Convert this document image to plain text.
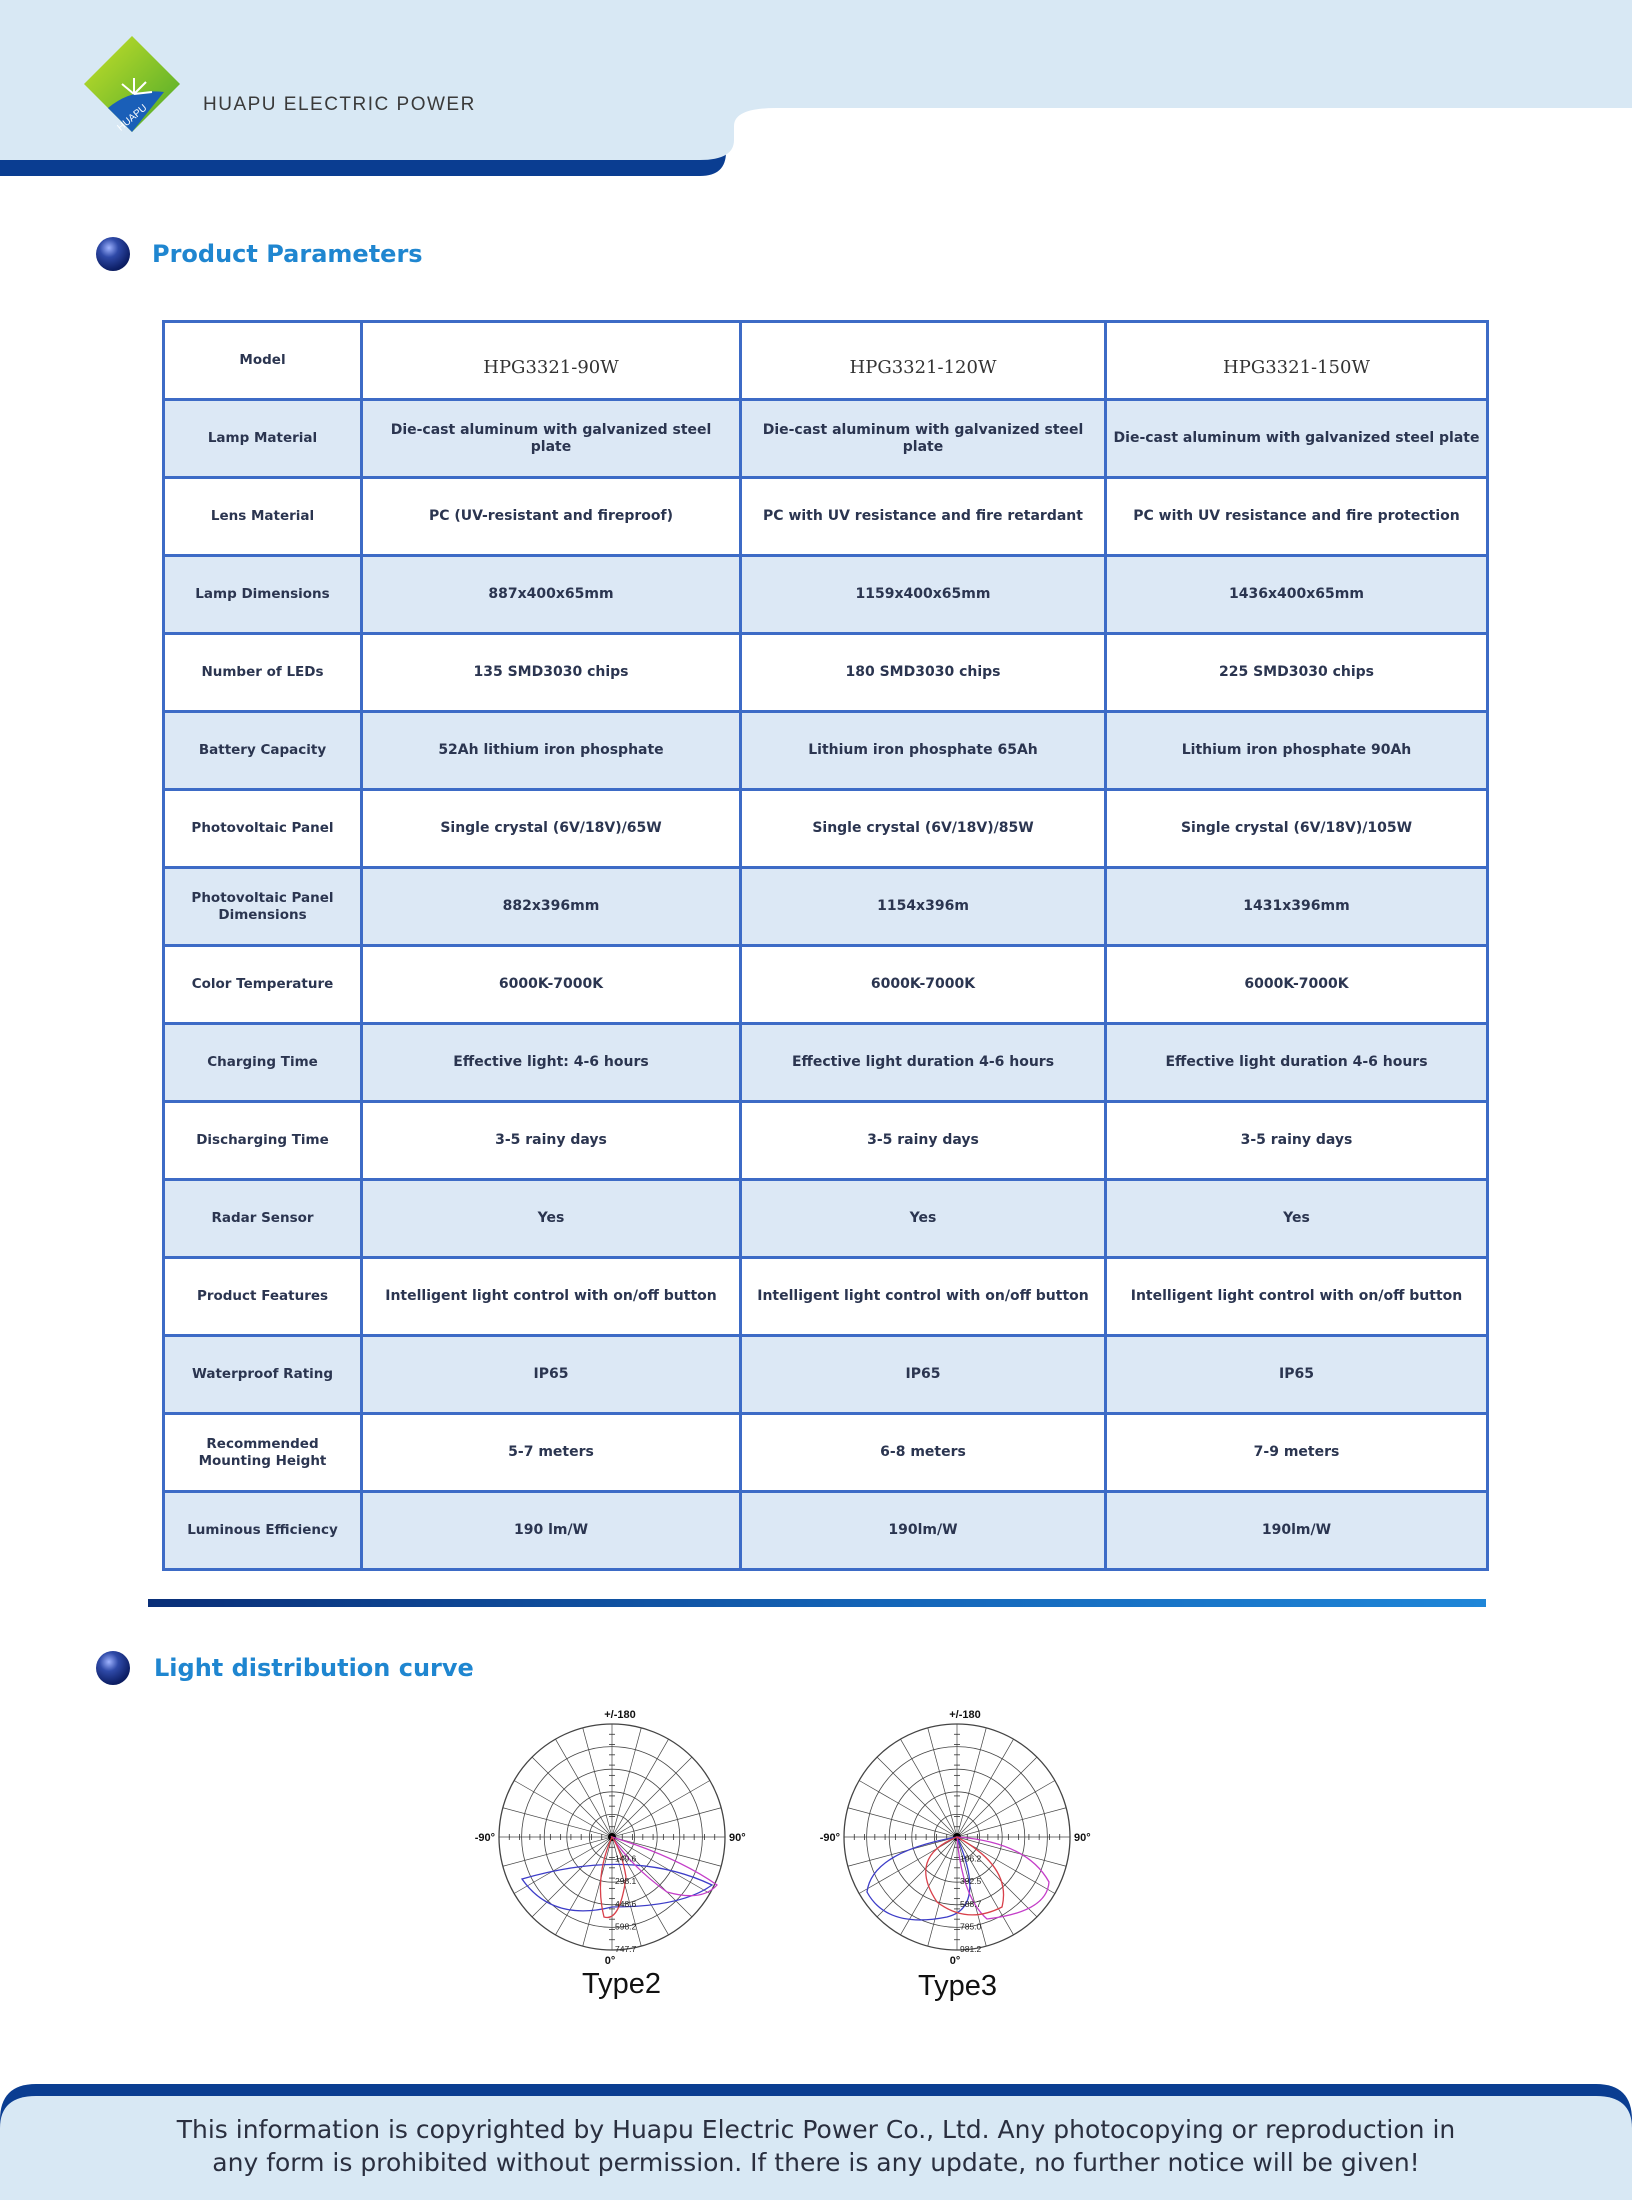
HUAPU	HUAPU ELECTRIC POWER
Product Parameters
Model	HPG3321-90W	HPG3321-120W	HPG3321-150W
Lamp Material	Die-cast aluminum with galvanized steel plate	Die-cast aluminum with galvanized steel plate	Die-cast aluminum with galvanized steel plate
Lens Material	PC (UV-resistant and fireproof)	PC with UV resistance and fire retardant	PC with UV resistance and fire protection
Lamp Dimensions	887x400x65mm	1159x400x65mm	1436x400x65mm
Number of LEDs	135 SMD3030 chips	180 SMD3030 chips	225 SMD3030 chips
Battery Capacity	52Ah lithium iron phosphate	Lithium iron phosphate 65Ah	Lithium iron phosphate 90Ah
Photovoltaic Panel	Single crystal (6V/18V)/65W	Single crystal (6V/18V)/85W	Single crystal (6V/18V)/105W
Photovoltaic Panel Dimensions	882x396mm	1154x396m	1431x396mm
Color Temperature	6000K-7000K	6000K-7000K	6000K-7000K
Charging Time	Effective light: 4-6 hours	Effective light duration 4-6 hours	Effective light duration 4-6 hours
Discharging Time	3-5 rainy days	3-5 rainy days	3-5 rainy days
Radar Sensor	Yes	Yes	Yes
Product Features	Intelligent light control with on/off button	Intelligent light control with on/off button	Intelligent light control with on/off button
Waterproof Rating	IP65	IP65	IP65
Recommended Mounting Height	5-7 meters	6-8 meters	7-9 meters
Luminous Efficiency	190 lm/W	190lm/W	190lm/W
Light distribution curve
+/-180
-90°	90°
0°
149.6
298.1
448.6
598.2
747.7
+/-180
-90°	90°
0°
196.2
392.5
588.7
785.0
981.2
Type2	Type3
This information is copyrighted by Huapu Electric Power Co., Ltd. Any photocopying or reproduction in
any form is prohibited without permission. If there is any update, no further notice will be given!
